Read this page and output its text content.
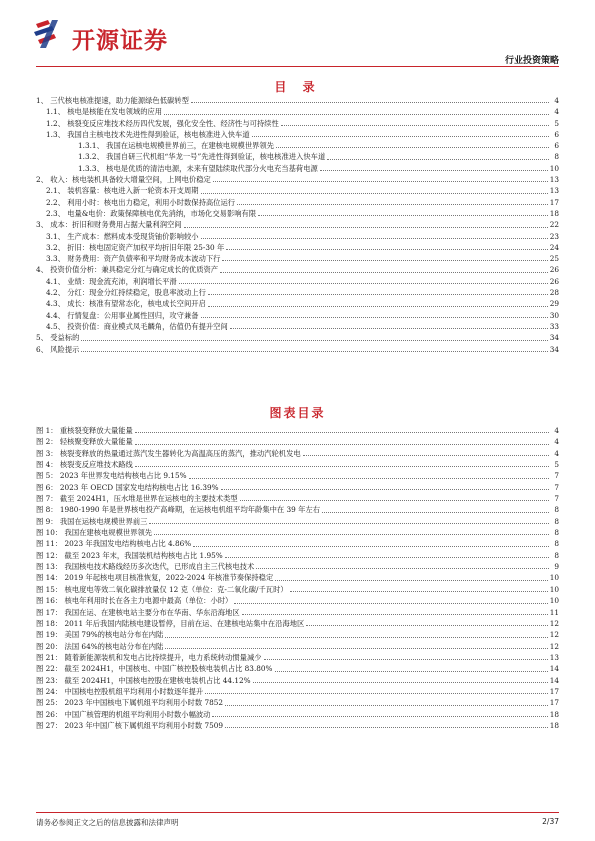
开源证券
行业投资策略
目 录
1、 三代核电核准提速，助力能源绿色低碳转型	4
1.1、 核电是核能在发电领域的应用	4
1.2、 核裂变反应堆技术经历四代发展，强化安全性、经济性与可持续性	5
1.3、 我国自主核电技术先进性得到验证，核电核准进入快车道	6
1.3.1、 我国在运核电规模世界前三，在建核电规模世界领先	6
1.3.2、 我国自研三代机组“华龙一号”先进性得到验证，核电核准进入快车道	8
1.3.3、 核电是优质的清洁电源，未来有望陆续取代部分火电充当基荷电源	10
2、 收入：核电装机具备较大增量空间，上网电价稳定	13
2.1、 装机容量：核电进入新一轮资本开支周期	13
2.2、 利用小时：核电出力稳定，利用小时数保持高位运行	17
2.3、 电量&电价：政策保障核电优先消纳，市场化交易影响有限	18
3、 成本：折旧和财务费用占据大量利润空间	22
3.1、 生产成本：燃料成本受现货铀价影响较小	23
3.2、 折旧：核电固定资产加权平均折旧年限 25-30 年	24
3.3、 财务费用：资产负债率和平均财务成本波动下行	25
4、 投资价值分析：兼具稳定分红与确定成长的优质资产	26
4.1、 业绩：现金流充沛，利润增长平滑	26
4.2、 分红：现金分红持续稳定，股息率波动上行	28
4.3、 成长：核准有望常态化，核电成长空间开启	29
4.4、 行情复盘：公用事业属性回归，攻守兼备	30
4.5、 投资价值：商业模式凤毛麟角，估值仍有提升空间	33
5、 受益标的	34
6、 风险提示	34
图表目录
图 1： 重核裂变释放大量能量	4
图 2： 轻核聚变释放大量能量	4
图 3： 核裂变释放的热量通过蒸汽发生器转化为高温高压的蒸汽，推动汽轮机发电	4
图 4： 核裂变反应堆技术路线	5
图 5： 2023 年世界发电结构核电占比 9.15%	7
图 6： 2023 年 OECD 国家发电结构核电占比 16.39%	7
图 7： 截至 2024H1，压水堆是世界在运核电的主要技术类型	7
图 8： 1980-1990 年是世界核电投产高峰期，在运核电机组平均年龄集中在 39 年左右	8
图 9： 我国在运核电规模世界前三	8
图 10： 我国在建核电规模世界领先	8
图 11： 2023 年我国发电结构核电占比 4.86%	8
图 12： 截至 2023 年末，我国装机结构核电占比 1.95%	8
图 13： 我国核电技术路线经历多次迭代，已形成自主三代核电技术	9
图 14： 2019 年起核电项目核准恢复，2022-2024 年核准节奏保持稳定	10
图 15： 核电度电等效二氧化碳排放量仅 12 克（单位：克-二氧化碳/千瓦时）	10
图 16： 核电年利用时长在各主力电源中最高（单位：小时）	10
图 17： 我国在运、在建核电站主要分布在华南、华东沿海地区	11
图 18： 2011 年后我国内陆核电建设暂停，目前在运、在建核电站集中在沿海地区	12
图 19： 美国 79%的核电站分布在内陆	12
图 20： 法国 64%的核电站分布在内陆	12
图 21： 随着新能源装机和发电占比持续提升，电力系统转动惯量减少	13
图 22： 截至 2024H1，中国核电、中国广核控股核电装机占比 83.80%	14
图 23： 截至 2024H1，中国核电控股在建核电装机占比 44.12%	14
图 24： 中国核电控股机组平均利用小时数逐年提升	17
图 25： 2023 年中国核电下属机组平均利用小时数 7852	17
图 26： 中国广核管理的机组平均利用小时数小幅波动	18
图 27： 2023 年中国广核下属机组平均利用小时数 7509	18
请务必参阅正文之后的信息披露和法律声明	2/37
